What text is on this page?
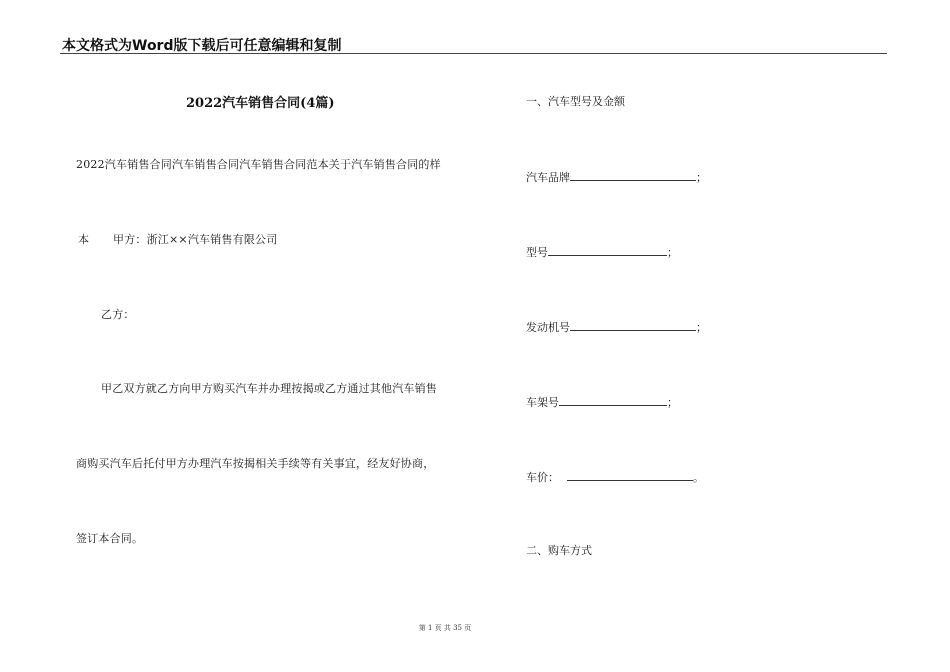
本文格式为Word版下载后可任意编辑和复制
2022汽车销售合同(4篇)
2022汽车销售合同汽车销售合同汽车销售合同范本关于汽车销售合同的样
本 甲方：浙江××汽车销售有限公司
乙方：
甲乙双方就乙方向甲方购买汽车并办理按揭或乙方通过其他汽车销售
商购买汽车后托付甲方办理汽车按揭相关手续等有关事宜，经友好协商，
签订本合同。
一、汽车型号及金额
汽车品牌	；
型号	；
发动机号	；
车架号	；
车价：	。
二、购车方式
第 1 页 共 35 页
